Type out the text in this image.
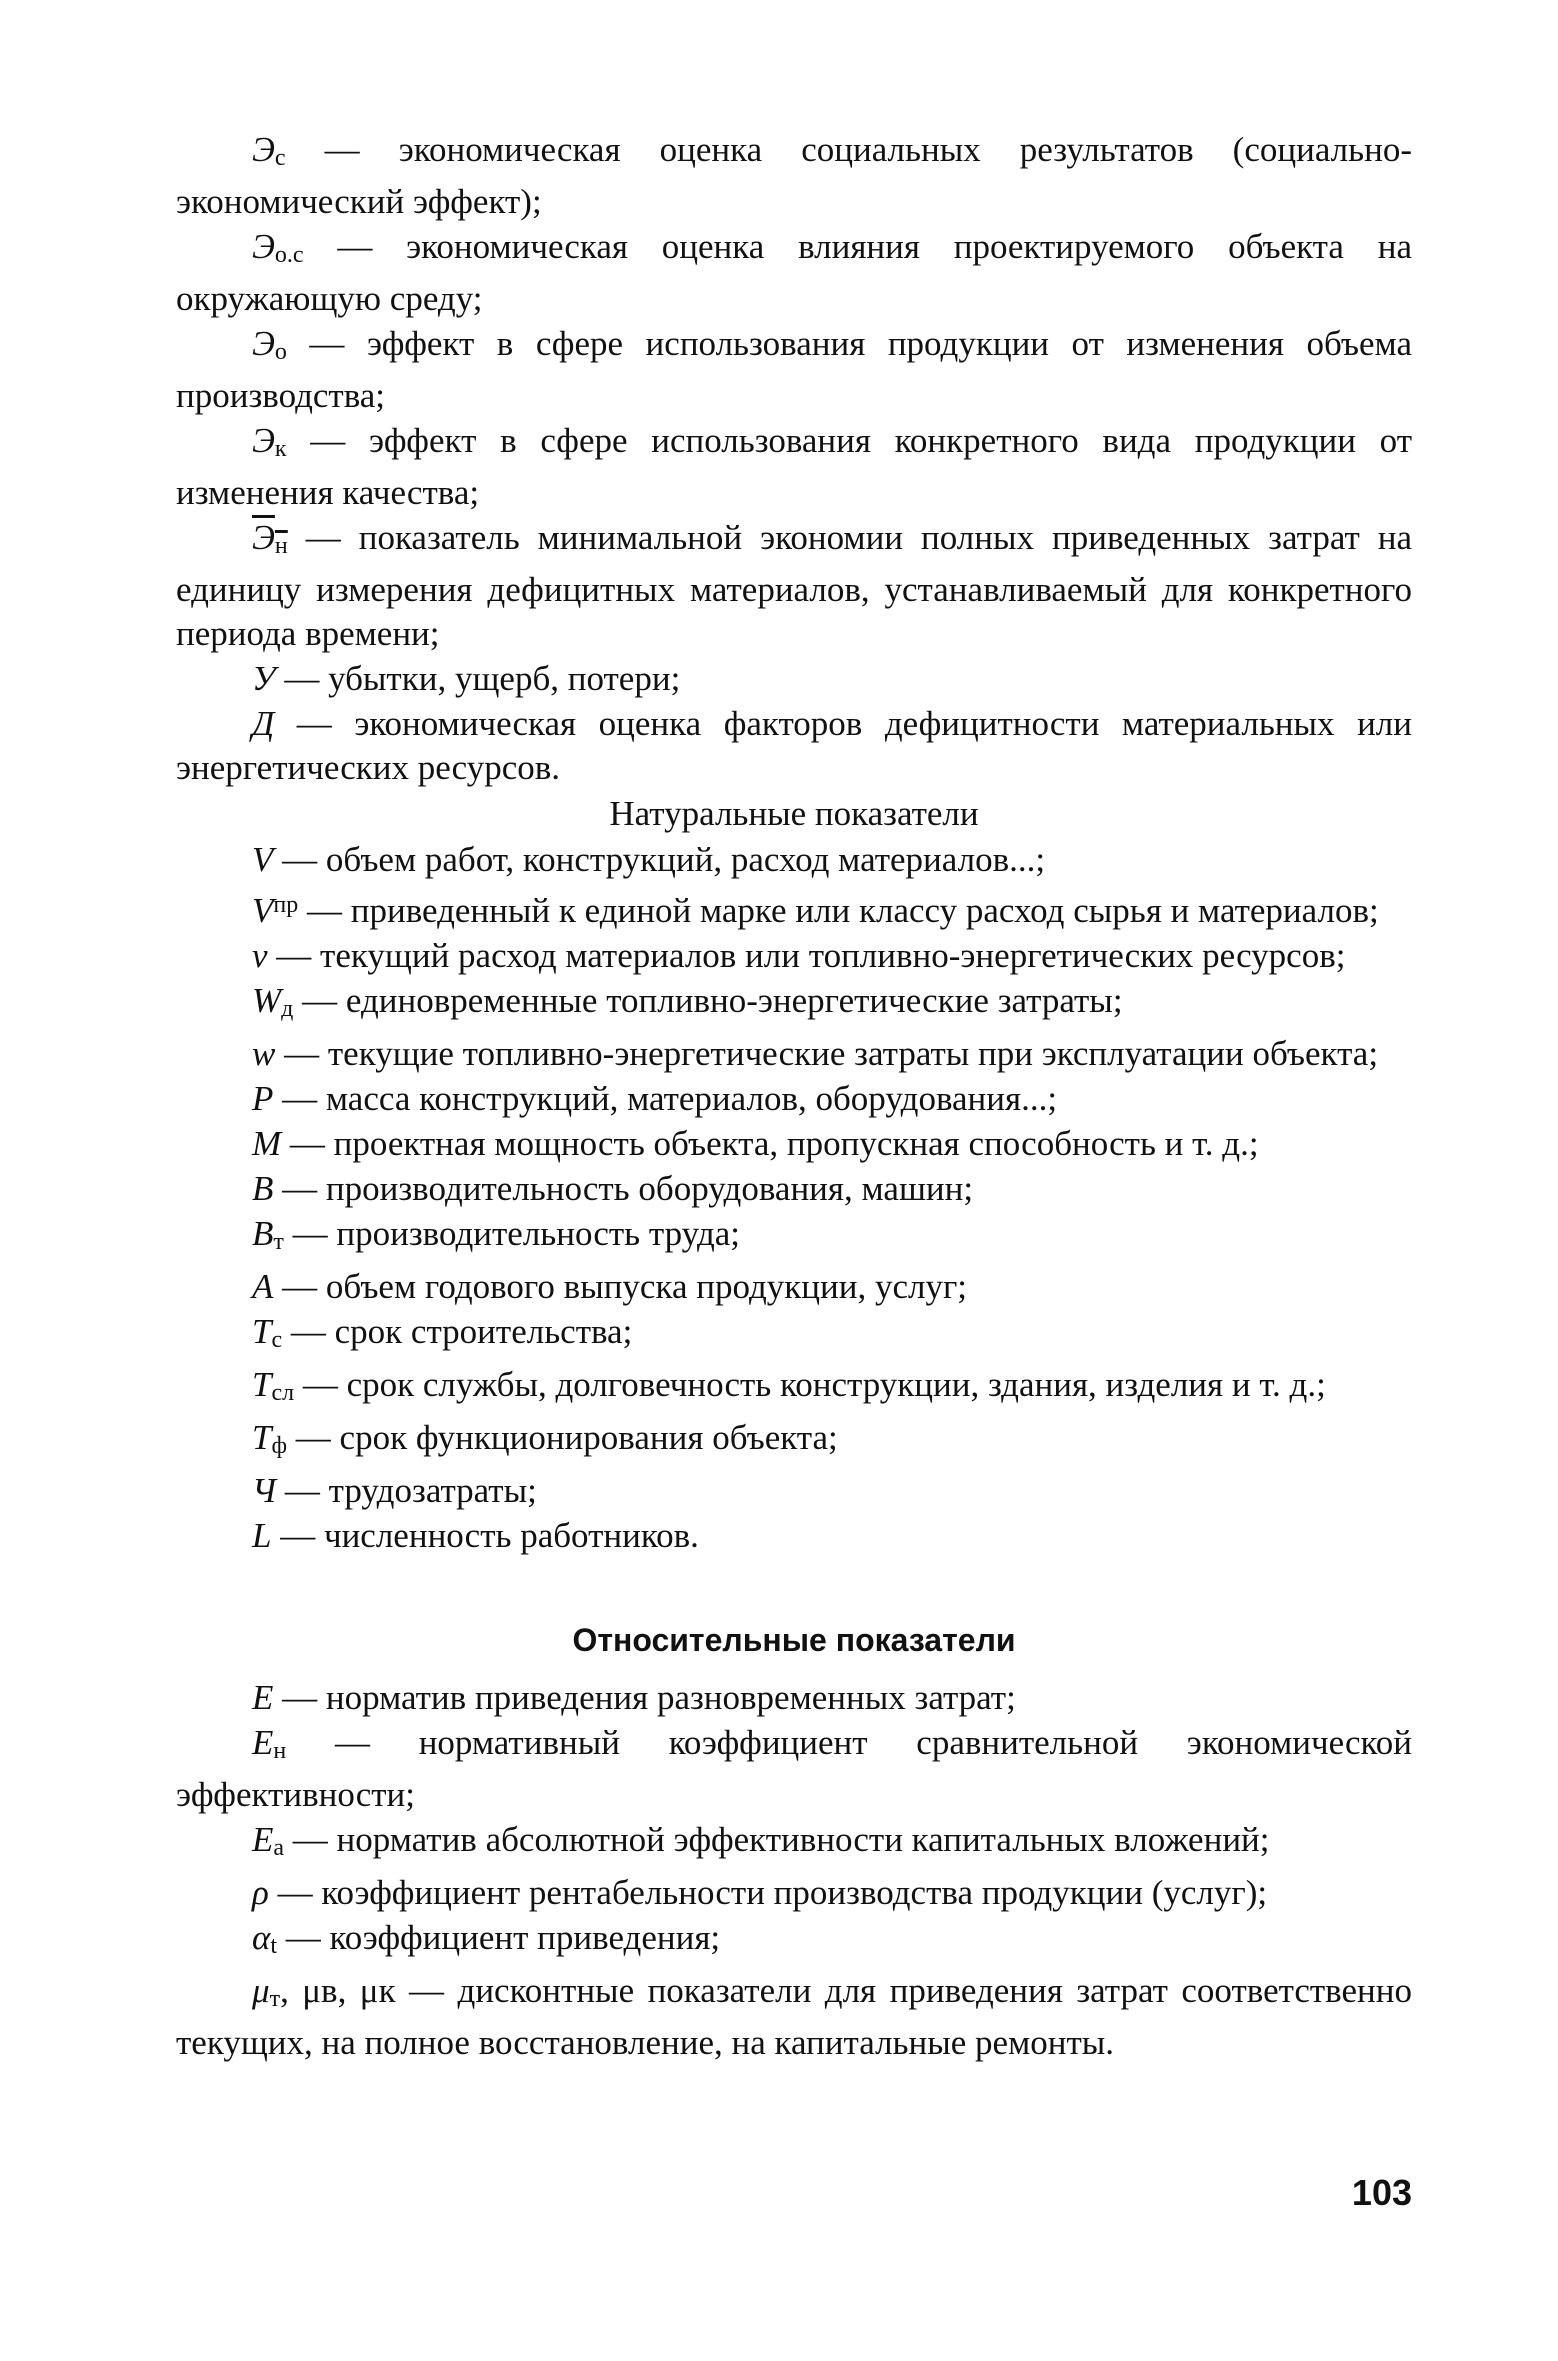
$Э_с$ — экономическая оценка социальных результатов (социально-экономический эффект);

$Э_{о.с}$ — экономическая оценка влияния проектируемого объекта на окружающую среду;

$Э_о$ — эффект в сфере использования продукции от изменения объема производства;

$Э_к$ — эффект в сфере использования конкретного вида продукции от изменения качества;

$Э_н$ — показатель минимальной экономии полных приведенных затрат на единицу измерения дефицитных материалов, устанавливаемый для конкретного периода времени;

У — убытки, ущерб, потери;

Д — экономическая оценка факторов дефицитности материальных или энергетических ресурсов.

Натуральные показатели

V — объем работ, конструкций, расход материалов...;

$V^{пр}$ — приведенный к единой марке или классу расход сырья и материалов;

v — текущий расход материалов или топливно-энергетических ресурсов;

$W_д$ — единовременные топливно-энергетические затраты;

w — текущие топливно-энергетические затраты при эксплуатации объекта;

P — масса конструкций, материалов, оборудования...;

М — проектная мощность объекта, пропускная способность и т. д.;

В — производительность оборудования, машин;

$В_т$ — производительность труда;

А — объем годового выпуска продукции, услуг;

$Т_с$ — срок строительства;

$Т_{сл}$ — срок службы, долговечность конструкции, здания, изделия и т. д.;

$Т_ф$ — срок функционирования объекта;

Ч — трудозатраты;

L — численность работников.

Относительные показатели

Е — норматив приведения разновременных затрат;

$Е_н$ — нормативный коэффициент сравнительной экономической эффективности;

$Е_а$ — норматив абсолютной эффективности капитальных вложений;

ρ — коэффициент рентабельности производства продукции (услуг);

$\alpha_t$ — коэффициент приведения;

$\mu_т$, μв, μк — дисконтные показатели для приведения затрат соответственно текущих, на полное восстановление, на капитальные ремонты.

103
